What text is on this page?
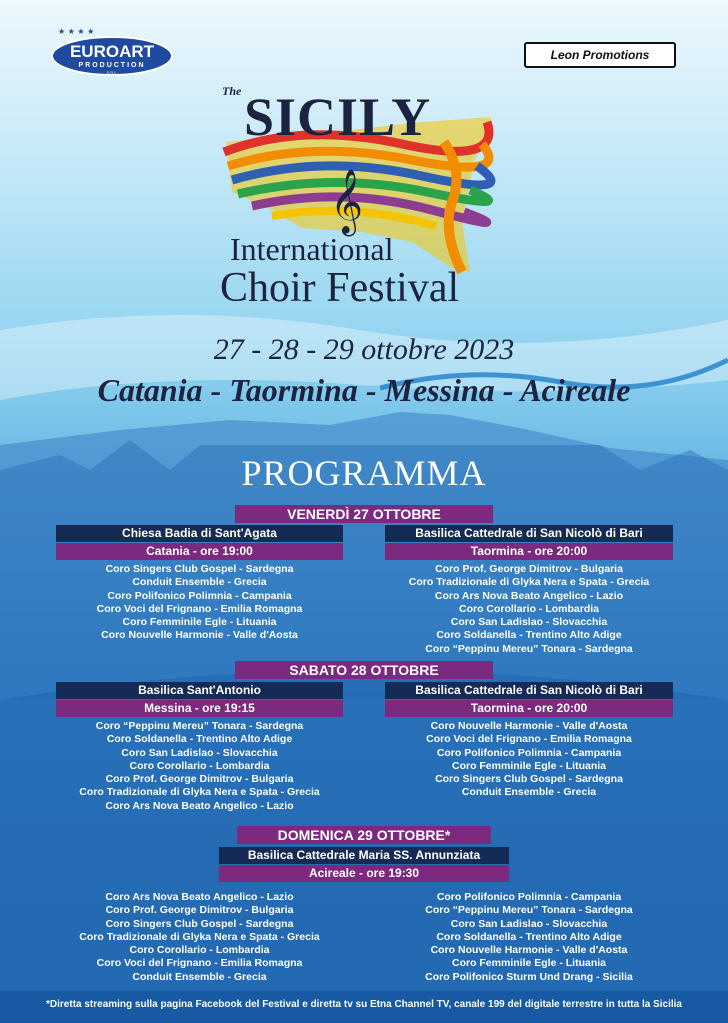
★ ★ ★ ★
EUROART
PRODUCTION
S.R.L.
Leon Promotions
𝄞
The SICILY
International
Choir Festival
27 - 28 - 29 ottobre 2023
Catania - Taormina - Messina - Acireale
PROGRAMMA
VENERDÌ 27 OTTOBRE
Chiesa Badia di Sant'Agata
Catania - ore 19:00
Coro Singers Club Gospel - Sardegna
Conduit Ensemble - Grecia
Coro Polifonico Polimnia - Campania
Coro Voci del Frignano - Emilia Romagna
Coro Femminile Egle - Lituania
Coro Nouvelle Harmonie - Valle d'Aosta
Basilica Cattedrale di San Nicolò di Bari
Taormina - ore 20:00
Coro Prof. George Dimitrov - Bulgaria
Coro Tradizionale di Glyka Nera e Spata - Grecia
Coro Ars Nova Beato Angelico - Lazio
Coro Corollario - Lombardia
Coro San Ladislao - Slovacchia
Coro Soldanella - Trentino Alto Adige
Coro “Peppinu Mereu” Tonara - Sardegna
SABATO 28 OTTOBRE
Basilica Sant'Antonio
Messina - ore 19:15
Coro “Peppinu Mereu” Tonara - Sardegna
Coro Soldanella - Trentino Alto Adige
Coro San Ladislao - Slovacchia
Coro Corollario - Lombardia
Coro Prof. George Dimitrov - Bulgaria
Coro Tradizionale di Glyka Nera e Spata - Grecia
Coro Ars Nova Beato Angelico - Lazio
Basilica Cattedrale di San Nicolò di Bari
Taormina - ore 20:00
Coro Nouvelle Harmonie - Valle d'Aosta
Coro Voci del Frignano - Emilia Romagna
Coro Polifonico Polimnia - Campania
Coro Femminile Egle - Lituania
Coro Singers Club Gospel - Sardegna
Conduit Ensemble - Grecia
DOMENICA 29 OTTOBRE*
Basilica Cattedrale Maria SS. Annunziata
Acireale - ore 19:30
Coro Ars Nova Beato Angelico - Lazio
Coro Prof. George Dimitrov - Bulgaria
Coro Singers Club Gospel - Sardegna
Coro Tradizionale di Glyka Nera e Spata - Grecia
Coro Corollario - Lombardia
Coro Voci del Frignano - Emilia Romagna
Conduit Ensemble - Grecia
Coro Polifonico Polimnia - Campania
Coro “Peppinu Mereu” Tonara - Sardegna
Coro San Ladislao - Slovacchia
Coro Soldanella - Trentino Alto Adige
Coro Nouvelle Harmonie - Valle d'Aosta
Coro Femminile Egle - Lituania
Coro Polifonico Sturm Und Drang - Sicilia

*Diretta streaming sulla pagina Facebook del Festival e diretta tv su Etna Channel TV, canale 199 del digitale terrestre in tutta la Sicilia
